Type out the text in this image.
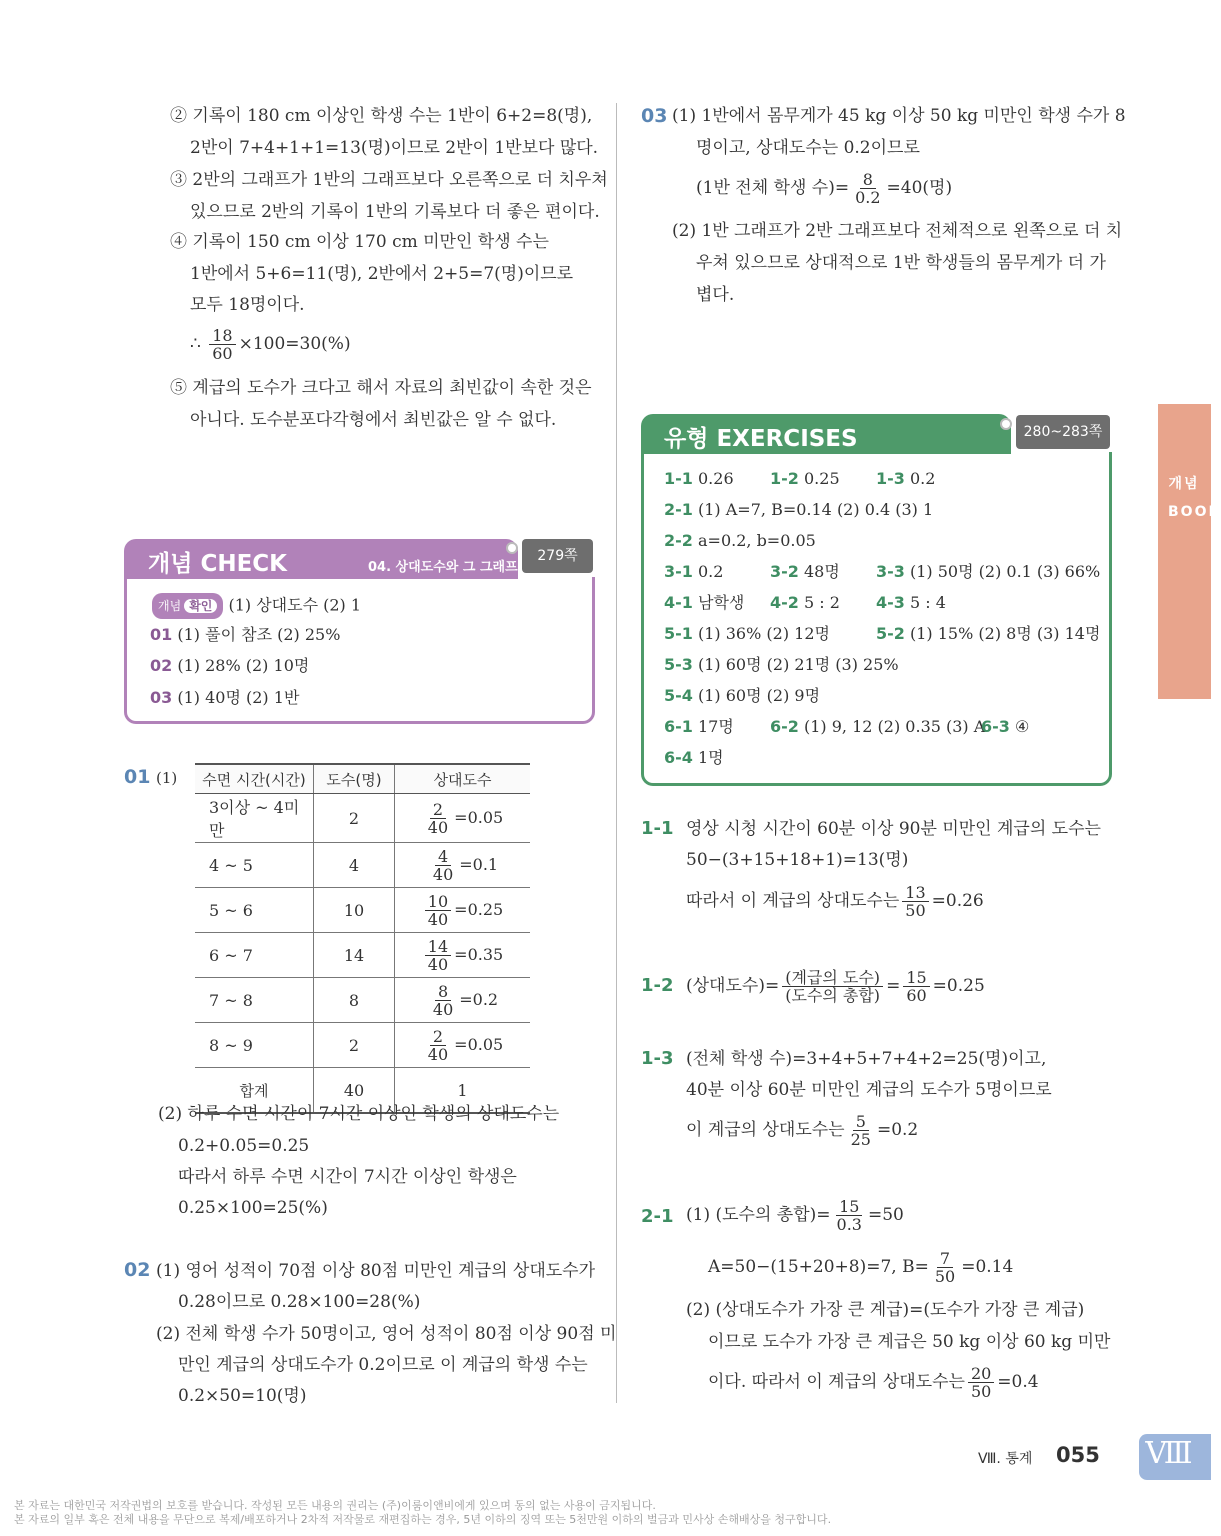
② 기록이 180 cm 이상인 학생 수는 1반이 6+2=8(명),
2반이 7+4+1+1=13(명)이므로 2반이 1반보다 많다.
③ 2반의 그래프가 1반의 그래프보다 오른쪽으로 더 치우쳐
있으므로 2반의 기록이 1반의 기록보다 더 좋은 편이다.
④ 기록이 150 cm 이상 170 cm 미만인 학생 수는
1반에서 5+6=11(명), 2반에서 2+5=7(명)이므로
모두 18명이다.
∴ $\frac{18}{60} \times 100=30(\%)$
⑤ 계급의 도수가 크다고 해서 자료의 최빈값이 속한 것은
아니다. 도수분포다각형에서 최빈값은 알 수 없다.
개념 CHECK	04. 상대도수와 그 그래프
279쪽
개념 확인 (1) 상대도수 (2) 1
01 (1) 풀이 참조 (2) 25%
02 (1) 28% (2) 10명
03 (1) 40명 (2) 1반
01 (1) 수면 시간(시간)	도수(명)	상대도수
3이상 ~ 4미만	2	$\frac{2}{40} =0.05$
4 ~ 5	4	$\frac{4}{40} =0.1$
5 ~ 6	10	$\frac{10}{40} =0.25$
6 ~ 7	14	$\frac{14}{40} =0.35$
7 ~ 8	8	$\frac{8}{40} =0.2$
8 ~ 9	2	$\frac{2}{40} =0.05$
합계	40	1
(2) 하루 수면 시간이 7시간 이상인 학생의 상대도수는
0.2+0.05=0.25
따라서 하루 수면 시간이 7시간 이상인 학생은
0.25×100=25(%)
02 (1) 영어 성적이 70점 이상 80점 미만인 계급의 상대도수가
0.28이므로 0.28×100=28(%)
(2) 전체 학생 수가 50명이고, 영어 성적이 80점 이상 90점 미
만인 계급의 상대도수가 0.2이므로 이 계급의 학생 수는
0.2×50=10(명)
03 (1) 1반에서 몸무게가 45 kg 이상 50 kg 미만인 학생 수가 8
명이고, 상대도수는 0.2이므로
(1반 전체 학생 수)= $\frac{8}{0.2} =40$(명)
(2) 1반 그래프가 2반 그래프보다 전체적으로 왼쪽으로 더 치
우쳐 있으므로 상대적으로 1반 학생들의 몸무게가 더 가
볍다.
유형 EXERCISES	280~283쪽
1-1 0.26 1-2 0.25 1-3 0.2
2-1 (1) A=7, B=0.14 (2) 0.4 (3) 1
2-2 a=0.2, b=0.05
3-1 0.2	3-2 48명 3-3 (1) 50명 (2) 0.1 (3) 66%
4-1 남학생 4-2 5 : 2 4-3 5 : 4
5-1 (1) 36% (2) 12명	5-2 (1) 15% (2) 8명 (3) 14명
5-3 (1) 60명 (2) 21명 (3) 25%
5-4 (1) 60명 (2) 9명
6-1 17명 6-2 (1) 9, 12 (2) 0.35 (3) A
6-3 ④
6-4 1명
1-1 영상 시청 시간이 60분 이상 90분 미만인 계급의 도수는
50−(3+15+18+1)=13(명)
따라서 이 계급의 상대도수는 $\frac{13}{50} =0.26$
1-2 (상대도수)= $\frac{\text{(계급의 도수)}}{\text{(도수의 총합)}} = \frac{15}{60} =0.25$
1-3 (전체 학생 수)=3+4+5+7+4+2=25(명)이고,
40분 이상 60분 미만인 계급의 도수가 5명이므로
이 계급의 상대도수는 $\frac{5}{25} =0.2$
2-1 (1) (도수의 총합)= $\frac{15}{0.3} =50$
A=50−(15+20+8)=7, $B= \frac{7}{50} =0.14$
(2) (상대도수가 가장 큰 계급)=(도수가 가장 큰 계급)
이므로 도수가 가장 큰 계급은 50 kg 이상 60 kg 미만
이다. 따라서 이 계급의 상대도수는 $\frac{20}{50} =0.4$
개념 BOOK
Ⅷ. 통계 055 Ⅷ
본 자료는 대한민국 저작권법의 보호를 받습니다. 작성된 모든 내용의 권리는 (주)이룸이앤비에게 있으며 동의 없는 사용이 금지됩니다.
본 자료의 일부 혹은 전체 내용을 무단으로 복제/배포하거나 2차적 저작물로 재편집하는 경우, 5년 이하의 징역 또는 5천만원 이하의 벌금과 민사상 손해배상을 청구합니다.
